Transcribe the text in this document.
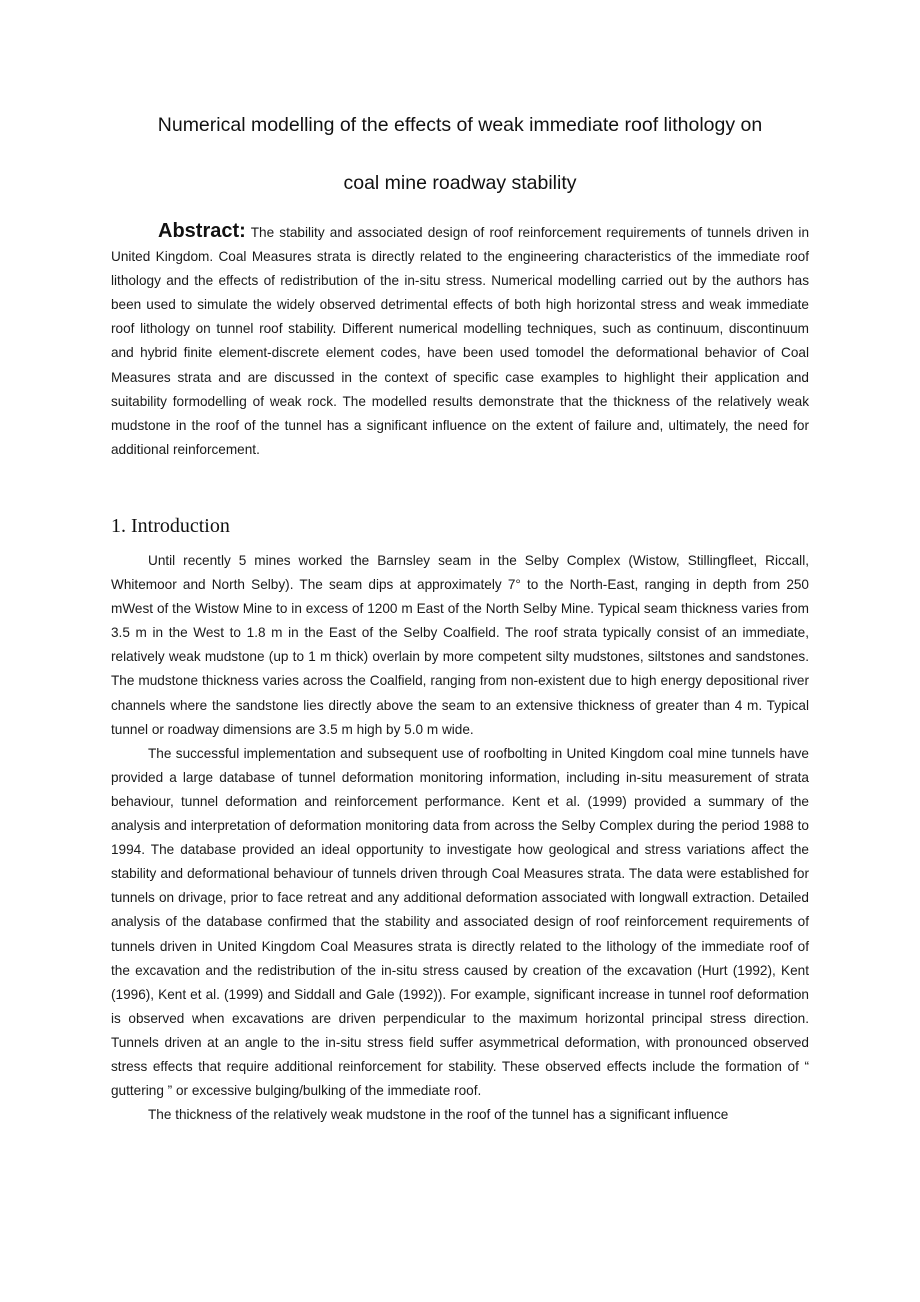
Numerical modelling of the effects of weak immediate roof lithology on
coal mine roadway stability

Abstract: The stability and associated design of roof reinforcement requirements of tunnels driven in United Kingdom. Coal Measures strata is directly related to the engineering characteristics of the immediate roof lithology and the effects of redistribution of the in-situ stress. Numerical modelling carried out by the authors has been used to simulate the widely observed detrimental effects of both high horizontal stress and weak immediate roof lithology on tunnel roof stability. Different numerical modelling techniques, such as continuum, discontinuum and hybrid finite element-discrete element codes, have been used tomodel the deformational behavior of Coal Measures strata and are discussed in the context of specific case examples to highlight their application and suitability formodelling of weak rock. The modelled results demonstrate that the thickness of the relatively weak mudstone in the roof of the tunnel has a significant influence on the extent of failure and, ultimately, the need for additional reinforcement.

1. Introduction

Until recently 5 mines worked the Barnsley seam in the Selby Complex (Wistow, Stillingfleet, Riccall, Whitemoor and North Selby). The seam dips at approximately 7° to the North-East, ranging in depth from 250 mWest of the Wistow Mine to in excess of 1200 m East of the North Selby Mine. Typical seam thickness varies from 3.5 m in the West to 1.8 m in the East of the Selby Coalfield. The roof strata typically consist of an immediate, relatively weak mudstone (up to 1 m thick) overlain by more competent silty mudstones, siltstones and sandstones. The mudstone thickness varies across the Coalfield, ranging from non-existent due to high energy depositional river channels where the sandstone lies directly above the seam to an extensive thickness of greater than 4 m. Typical tunnel or roadway dimensions are 3.5 m high by 5.0 m wide.

The successful implementation and subsequent use of roofbolting in United Kingdom coal mine tunnels have provided a large database of tunnel deformation monitoring information, including in-situ measurement of strata behaviour, tunnel deformation and reinforcement performance. Kent et al. (1999) provided a summary of the analysis and interpretation of deformation monitoring data from across the Selby Complex during the period 1988 to 1994. The database provided an ideal opportunity to investigate how geological and stress variations affect the stability and deformational behaviour of tunnels driven through Coal Measures strata. The data were established for tunnels on drivage, prior to face retreat and any additional deformation associated with longwall extraction. Detailed analysis of the database confirmed that the stability and associated design of roof reinforcement requirements of tunnels driven in United Kingdom Coal Measures strata is directly related to the lithology of the immediate roof of the excavation and the redistribution of the in-situ stress caused by creation of the excavation (Hurt (1992), Kent (1996), Kent et al. (1999) and Siddall and Gale (1992)). For example, significant increase in tunnel roof deformation is observed when excavations are driven perpendicular to the maximum horizontal principal stress direction. Tunnels driven at an angle to the in-situ stress field suffer asymmetrical deformation, with pronounced observed stress effects that require additional reinforcement for stability. These observed effects include the formation of “ guttering ” or excessive bulging/bulking of the immediate roof.

The thickness of the relatively weak mudstone in the roof of the tunnel has a significant influence
